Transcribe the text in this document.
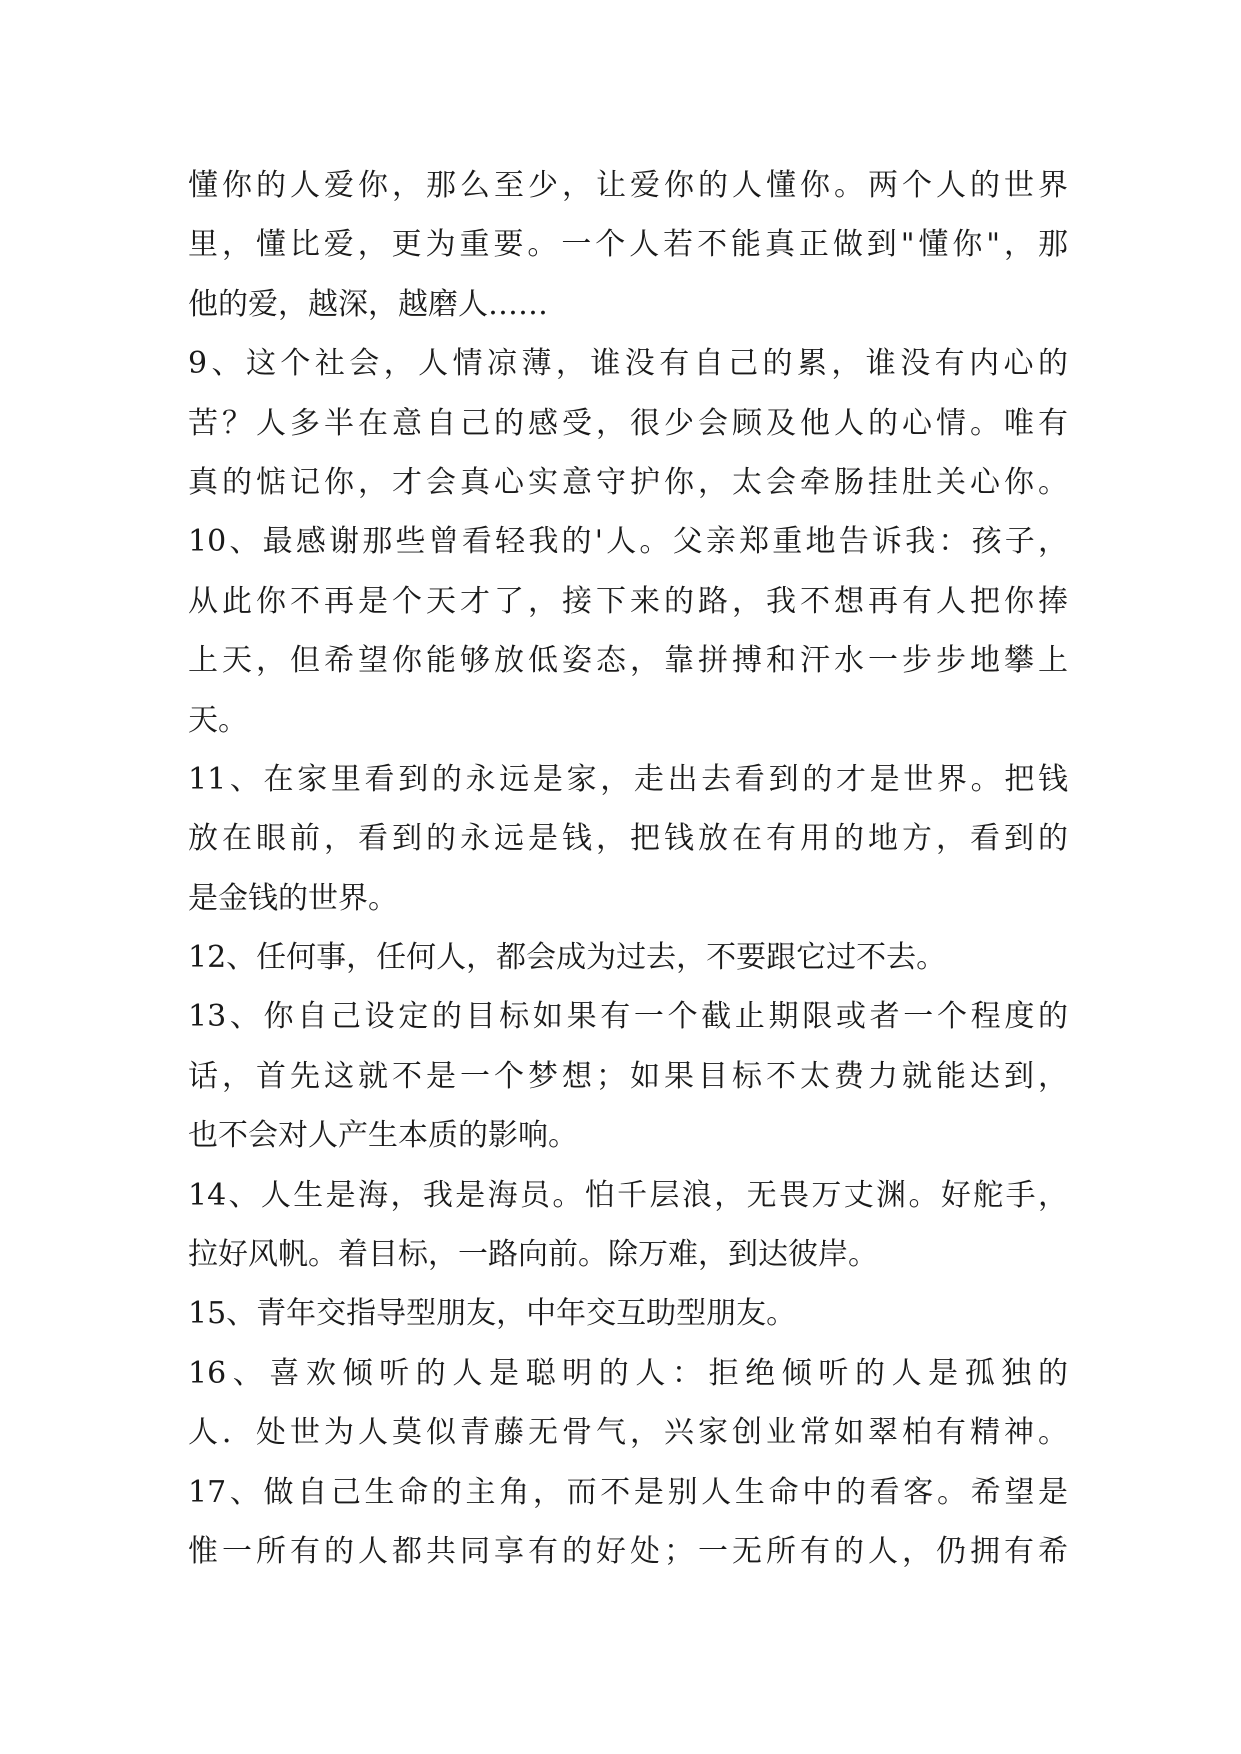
懂你的人爱你，那么至少，让爱你的人懂你。两个人的世界
里，懂比爱，更为重要。一个人若不能真正做到"懂你"，那
他的爱，越深，越磨人……
9、这个社会，人情凉薄，谁没有自己的累，谁没有内心的
苦？人多半在意自己的感受，很少会顾及他人的心情。唯有
真的惦记你，才会真心实意守护你，太会牵肠挂肚关心你。
10、最感谢那些曾看轻我的'人。父亲郑重地告诉我：孩子，
从此你不再是个天才了，接下来的路，我不想再有人把你捧
上天，但希望你能够放低姿态，靠拼搏和汗水一步步地攀上
天。
11、在家里看到的永远是家，走出去看到的才是世界。把钱
放在眼前，看到的永远是钱，把钱放在有用的地方，看到的
是金钱的世界。
12、任何事，任何人，都会成为过去，不要跟它过不去。
13、你自己设定的目标如果有一个截止期限或者一个程度的
话，首先这就不是一个梦想；如果目标不太费力就能达到，
也不会对人产生本质的影响。
14、人生是海，我是海员。怕千层浪，无畏万丈渊。好舵手，
拉好风帆。着目标，一路向前。除万难，到达彼岸。
15、青年交指导型朋友，中年交互助型朋友。
16、喜欢倾听的人是聪明的人：拒绝倾听的人是孤独的
人．处世为人莫似青藤无骨气，兴家创业常如翠柏有精神。
17、做自己生命的主角，而不是别人生命中的看客。希望是
惟一所有的人都共同享有的好处；一无所有的人，仍拥有希
